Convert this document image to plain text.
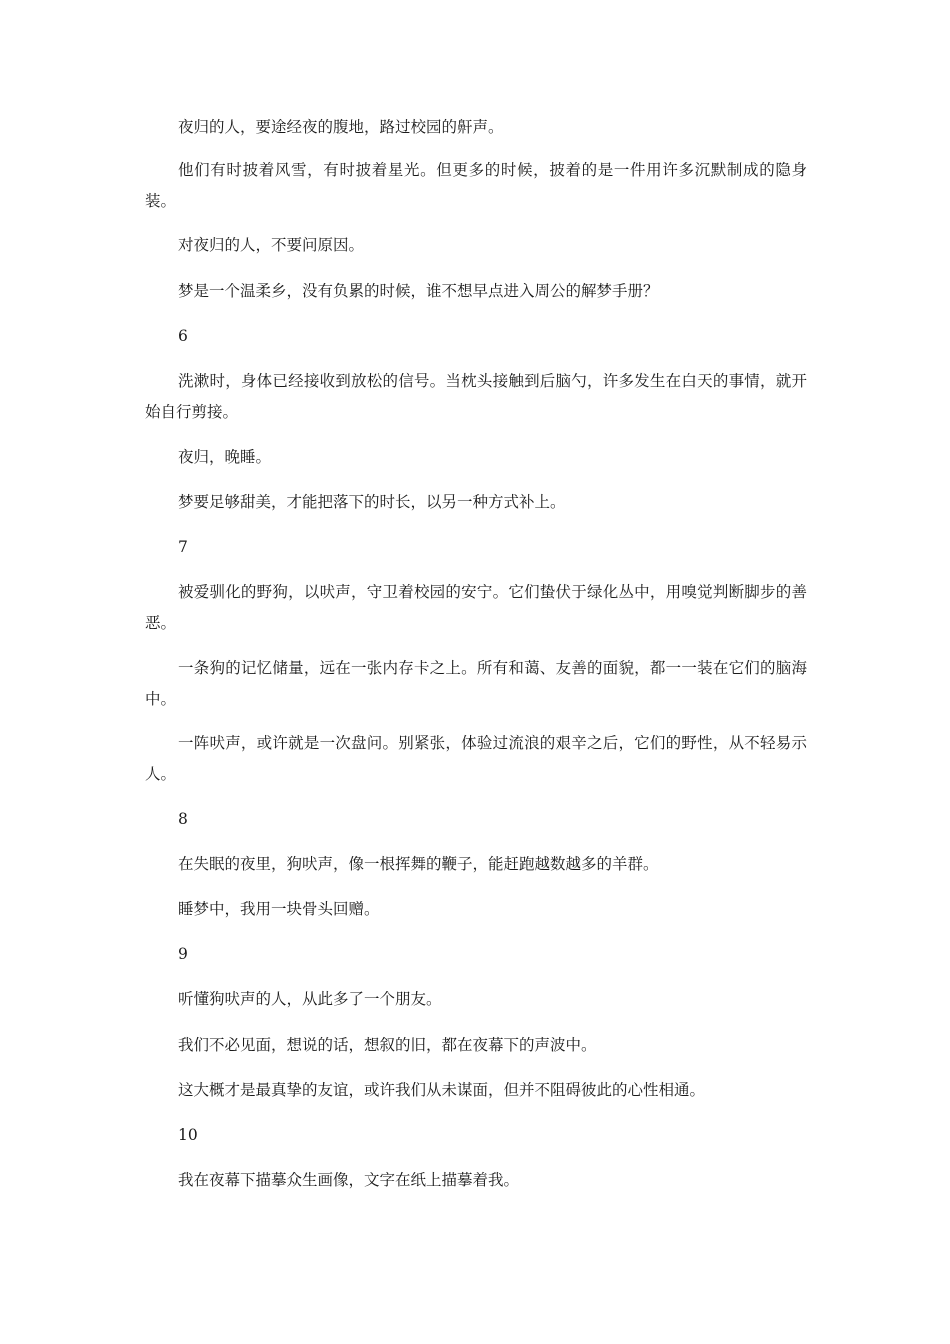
夜归的人，要途经夜的腹地，路过校园的鼾声。

他们有时披着风雪，有时披着星光。但更多的时候，披着的是一件用许多沉默制成的隐身装。

对夜归的人，不要问原因。

梦是一个温柔乡，没有负累的时候，谁不想早点进入周公的解梦手册？

6

洗漱时，身体已经接收到放松的信号。当枕头接触到后脑勺，许多发生在白天的事情，就开始自行剪接。

夜归，晚睡。

梦要足够甜美，才能把落下的时长，以另一种方式补上。

7

被爱驯化的野狗，以吠声，守卫着校园的安宁。它们蛰伏于绿化丛中，用嗅觉判断脚步的善恶。

一条狗的记忆储量，远在一张内存卡之上。所有和蔼、友善的面貌，都一一装在它们的脑海中。

一阵吠声，或许就是一次盘问。别紧张，体验过流浪的艰辛之后，它们的野性，从不轻易示人。

8

在失眠的夜里，狗吠声，像一根挥舞的鞭子，能赶跑越数越多的羊群。

睡梦中，我用一块骨头回赠。

9

听懂狗吠声的人，从此多了一个朋友。

我们不必见面，想说的话，想叙的旧，都在夜幕下的声波中。

这大概才是最真挚的友谊，或许我们从未谋面，但并不阻碍彼此的心性相通。

10

我在夜幕下描摹众生画像，文字在纸上描摹着我。
